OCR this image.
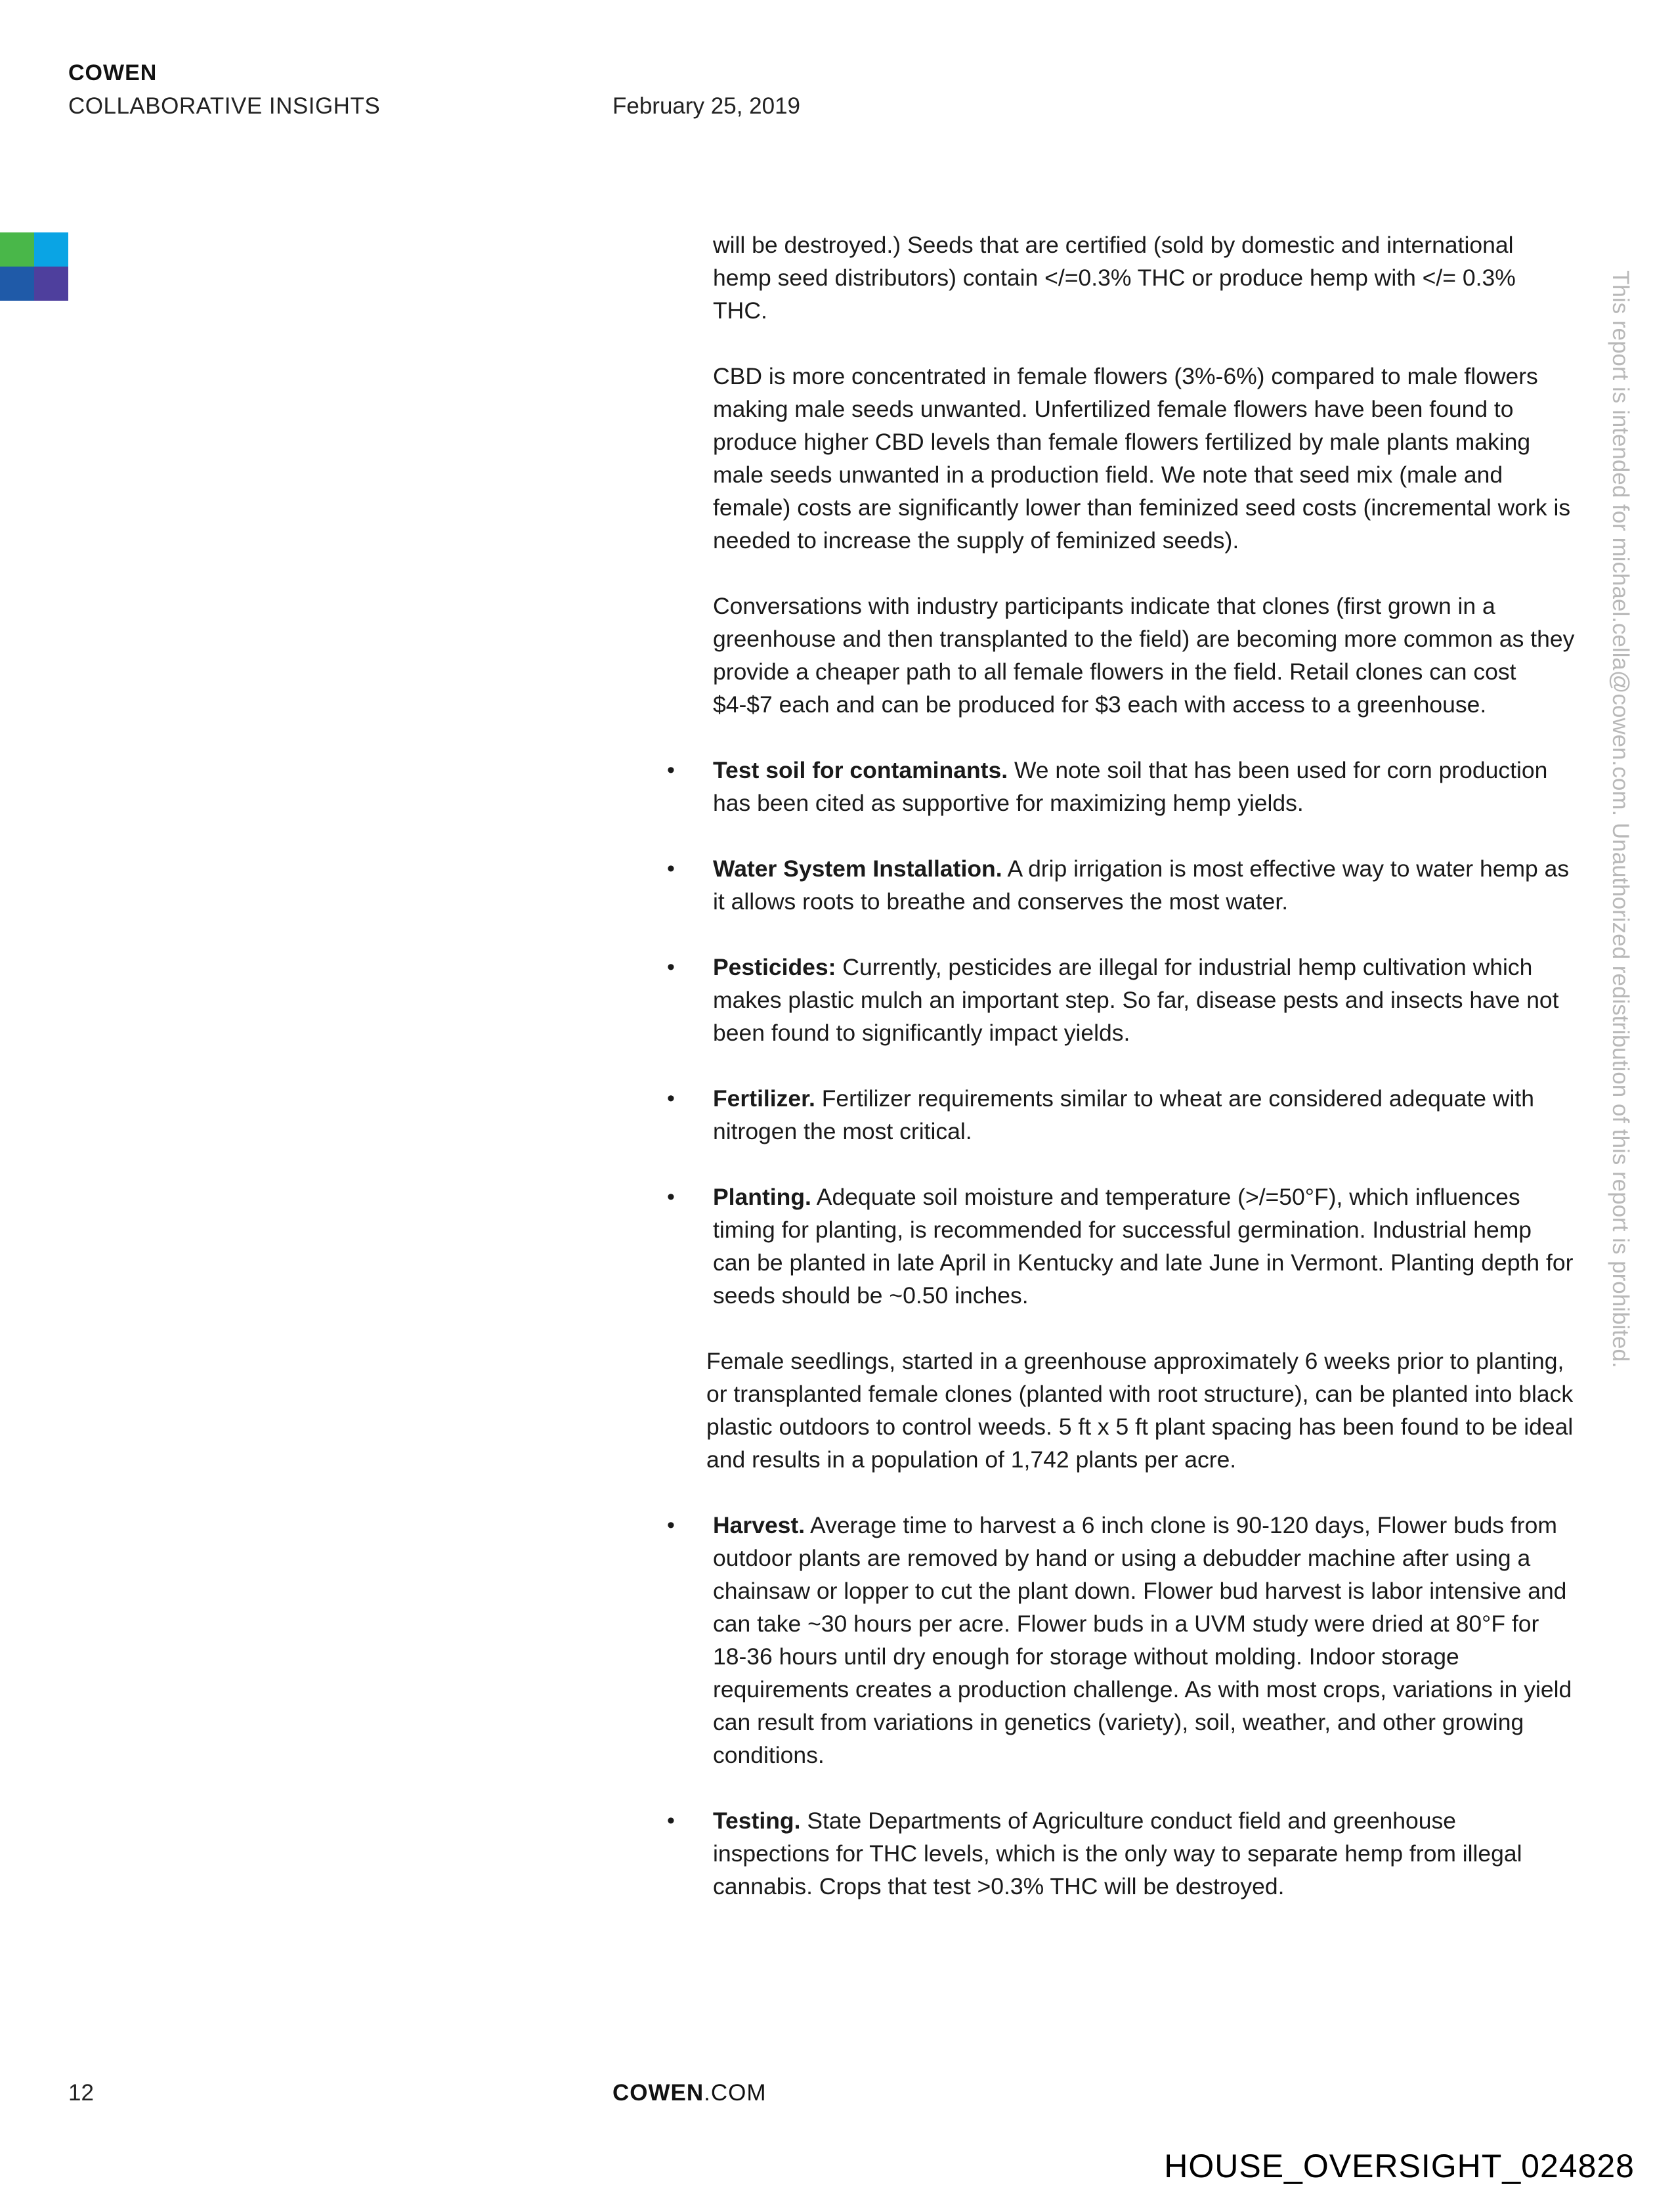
COWEN
COLLABORATIVE INSIGHTS	February 25, 2019

will be destroyed.) Seeds that are certified (sold by domestic and international hemp seed distributors) contain </=0.3% THC or produce hemp with </= 0.3% THC.

CBD is more concentrated in female flowers (3%-6%) compared to male flowers making male seeds unwanted. Unfertilized female flowers have been found to produce higher CBD levels than female flowers fertilized by male plants making male seeds unwanted in a production field. We note that seed mix (male and female) costs are significantly lower than feminized seed costs (incremental work is needed to increase the supply of feminized seeds).

Conversations with industry participants indicate that clones (first grown in a greenhouse and then transplanted to the field) are becoming more common as they provide a cheaper path to all female flowers in the field. Retail clones can cost $4-$7 each and can be produced for $3 each with access to a greenhouse.

• Test soil for contaminants. We note soil that has been used for corn production has been cited as supportive for maximizing hemp yields.
• Water System Installation. A drip irrigation is most effective way to water hemp as it allows roots to breathe and conserves the most water.
• Pesticides: Currently, pesticides are illegal for industrial hemp cultivation which makes plastic mulch an important step. So far, disease pests and insects have not been found to significantly impact yields.
• Fertilizer. Fertilizer requirements similar to wheat are considered adequate with nitrogen the most critical.
• Planting. Adequate soil moisture and temperature (>/=50°F), which influences timing for planting, is recommended for successful germination. Industrial hemp can be planted in late April in Kentucky and late June in Vermont. Planting depth for seeds should be ~0.50 inches.

Female seedlings, started in a greenhouse approximately 6 weeks prior to planting, or transplanted female clones (planted with root structure), can be planted into black plastic outdoors to control weeds. 5 ft x 5 ft plant spacing has been found to be ideal and results in a population of 1,742 plants per acre.

• Harvest. Average time to harvest a 6 inch clone is 90-120 days, Flower buds from outdoor plants are removed by hand or using a debudder machine after using a chainsaw or lopper to cut the plant down. Flower bud harvest is labor intensive and can take ~30 hours per acre. Flower buds in a UVM study were dried at 80°F for 18-36 hours until dry enough for storage without molding. Indoor storage requirements creates a production challenge. As with most crops, variations in yield can result from variations in genetics (variety), soil, weather, and other growing conditions.
• Testing. State Departments of Agriculture conduct field and greenhouse inspections for THC levels, which is the only way to separate hemp from illegal cannabis. Crops that test >0.3% THC will be destroyed.
This report is intended for michael.cella@cowen.com. Unauthorized redistribution of this report is prohibited.
12	COWEN.COM
HOUSE_OVERSIGHT_024828
